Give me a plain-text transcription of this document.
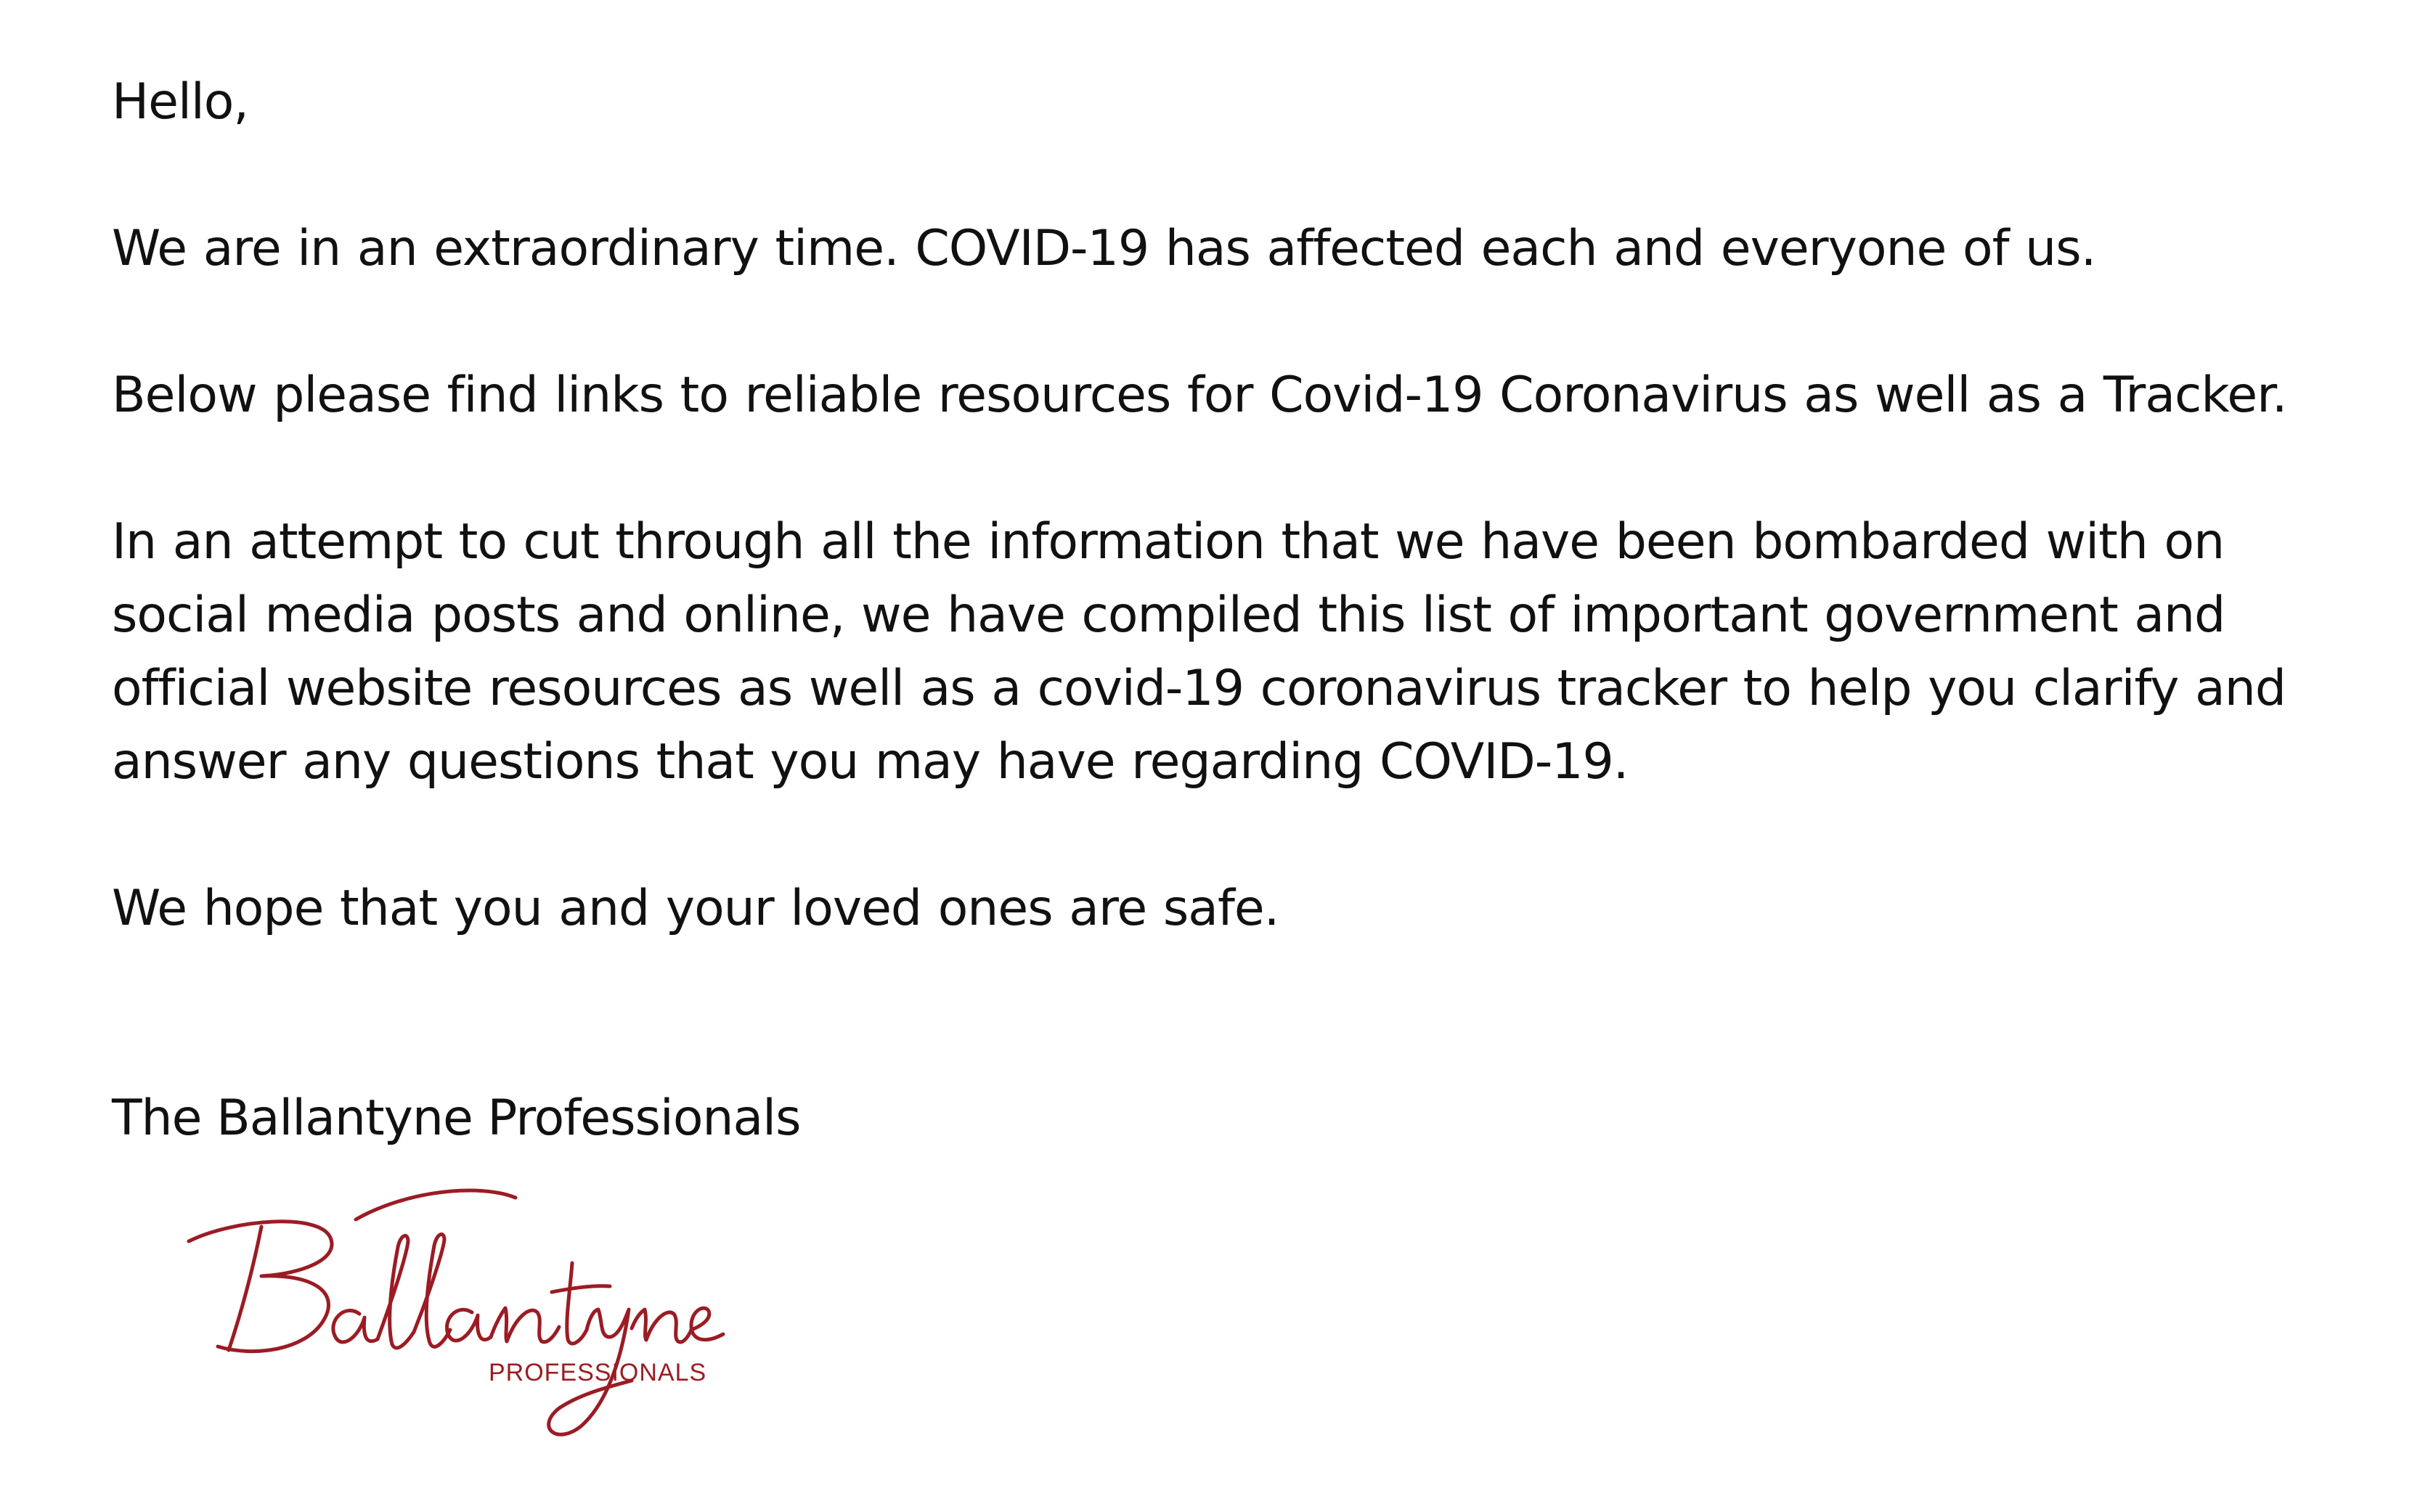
Hello,

We are in an extraordinary time. COVID-19 has affected each and everyone of us.

Below please find links to reliable resources for Covid-19 Coronavirus as well as a Tracker.

In an attempt to cut through all the information that we have been bombarded with on social media posts and online, we have compiled this list of important government and official website resources as well as a covid-19 coronavirus tracker to help you clarify and answer any questions that you may have regarding COVID-19.

We hope that you and your loved ones are safe.

The Ballantyne Professionals
PROFESSIONALS
